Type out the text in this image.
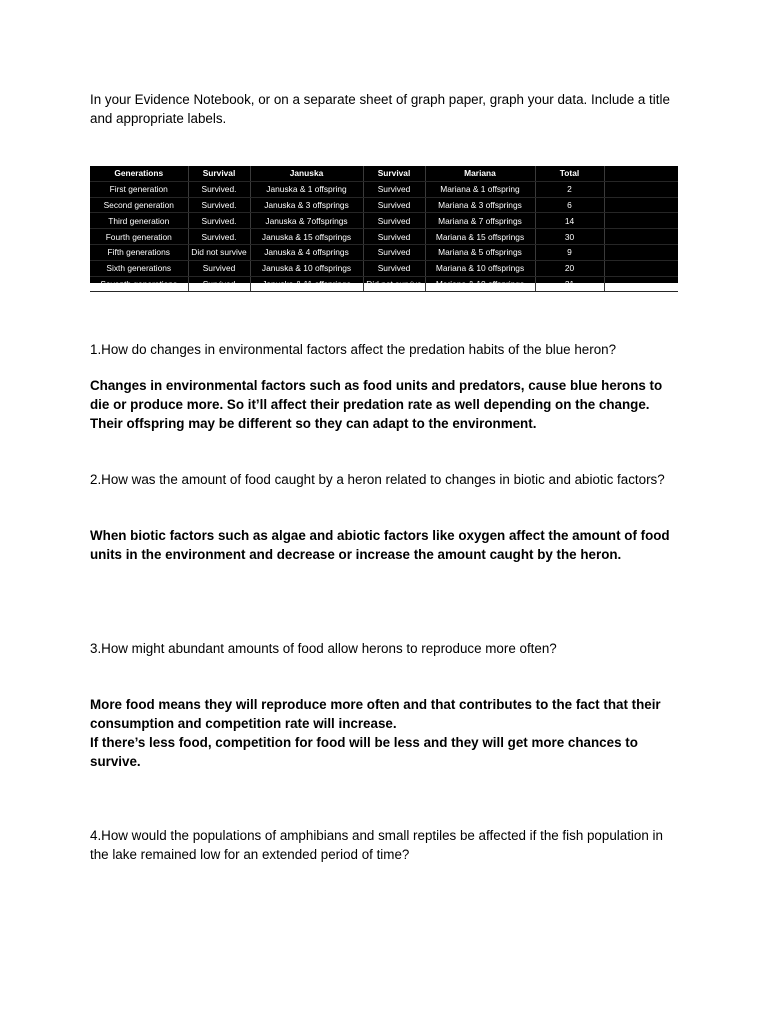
In your Evidence Notebook, or on a separate sheet of graph paper, graph your data. Include a title and appropriate labels.

Generations	Survival	Januska	Survival	Mariana	Total	
First generation	Survived.	Januska & 1 offspring	Survived	Mariana & 1 offspring	2	
Second generation	Survived.	Januska & 3 offsprings	Survived	Mariana & 3 offsprings	6	
Third generation	Survived.	Januska & 7offsprings	Survived	Mariana & 7 offsprings	14	
Fourth generation	Survived.	Januska & 15 offsprings	Survived	Mariana & 15 offsprings	30	
Fifth generations	Did not survive	Januska & 4 offsprings	Survived	Mariana & 5 offsprings	9	
Sixth generations	Survived	Januska & 10 offsprings	Survived	Mariana & 10 offsprings	20	
Seventh generations	Survived	Januska & 11 offsprings	Did not survive	Mariana & 10 offsprings	21	

1.How do changes in environmental factors affect the predation habits of the blue heron?

Changes in environmental factors such as food units and predators, cause blue herons to die or produce more. So it’ll affect their predation rate as well depending on the change. Their offspring may be different so they can adapt to the environment.

2.How was the amount of food caught by a heron related to changes in biotic and abiotic factors?

When biotic factors such as algae and abiotic factors like oxygen affect the amount of food units in the environment and decrease or increase the amount caught by the heron.

3.How might abundant amounts of food allow herons to reproduce more often?

More food means they will reproduce more often and that contributes to the fact that their consumption and competition rate will increase.

If there’s less food, competition for food will be less and they will get more chances to survive.

4.How would the populations of amphibians and small reptiles be affected if the fish population in the lake remained low for an extended period of time?
